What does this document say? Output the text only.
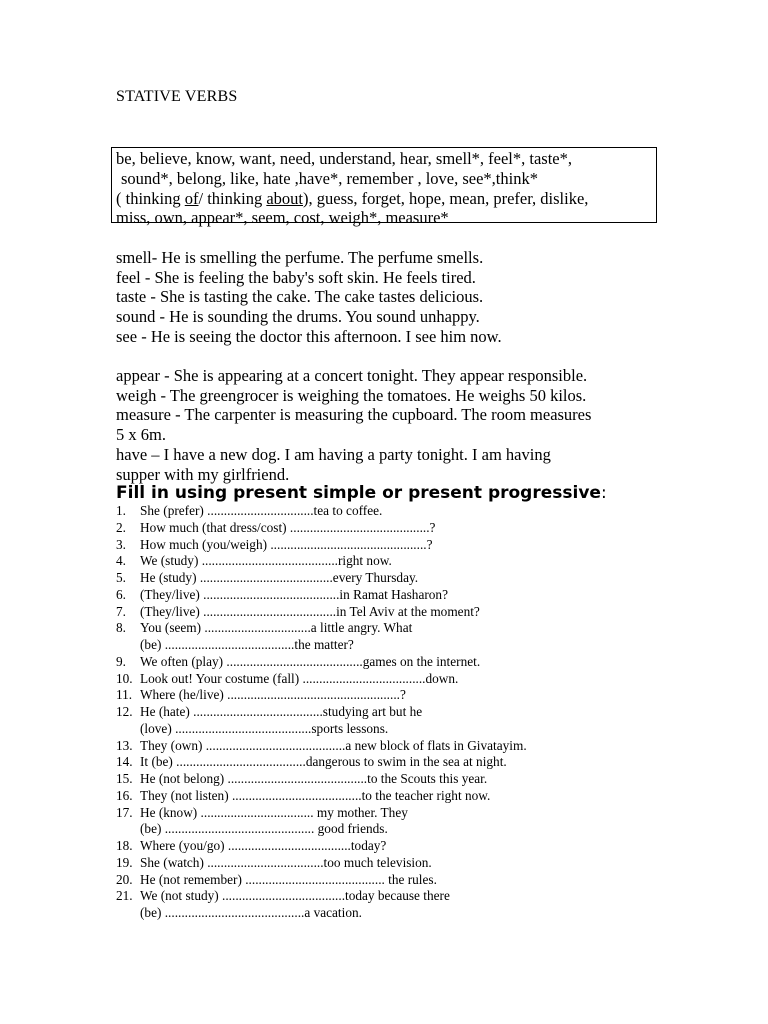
STATIVE VERBS
be, believe, know, want, need, understand, hear, smell*, feel*, taste*,
sound*, belong, like, hate ,have*, remember , love, see*,think*
( thinking of/ thinking about), guess, forget, hope, mean, prefer, dislike,
miss, own, appear*, seem, cost, weigh*, measure*
smell- He is smelling the perfume. The perfume smells.
feel - She is feeling the baby's soft skin. He feels tired.
taste - She is tasting the cake. The cake tastes delicious.
sound - He is sounding the drums. You sound unhappy.
see - He is seeing the doctor this afternoon. I see him now.
appear - She is appearing at a concert tonight. They appear responsible.
weigh - The greengrocer is weighing the tomatoes. He weighs 50 kilos.
measure - The carpenter is measuring the cupboard. The room measures
5 x 6m.
have – I have a new dog. I am having a party tonight. I am having
supper with my girlfriend.
Fill in using present simple or present progressive:
1.	She (prefer) ................................tea to coffee.
2.	How much (that dress/cost) ..........................................?
3.	How much (you/weigh) ...............................................?
4.	We (study) .........................................right now.
5.	He (study) ........................................every Thursday.
6.	(They/live) .........................................in Ramat Hasharon?
7.	(They/live) ........................................in Tel Aviv at the moment?
8.	You (seem) ................................a little angry. What
(be) .......................................the matter?
9.	We often (play) .........................................games on the internet.
10. Look out! Your costume (fall) .....................................down.
11. Where (he/live) ....................................................?
12. He (hate) .......................................studying art but he
(love) .........................................sports lessons.
13. They (own) ..........................................a new block of flats in Givatayim.
14. It (be) .......................................dangerous to swim in the sea at night.
15. He (not belong) ..........................................to the Scouts this year.
16. They (not listen) .......................................to the teacher right now.
17. He (know) .................................. my mother. They
(be) ............................................. good friends.
18. Where (you/go) .....................................today?
19. She (watch) ...................................too much television.
20. He (not remember) .......................................... the rules.
21. We (not study) .....................................today because there
(be) ..........................................a vacation.
